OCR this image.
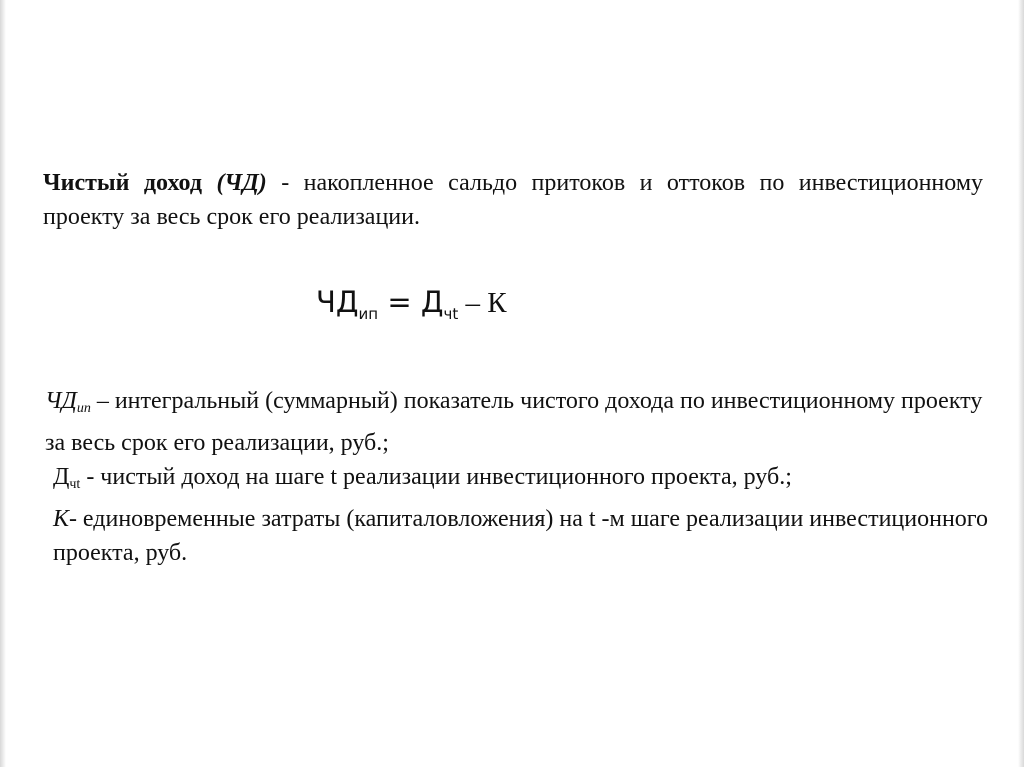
Чистый доход (ЧД) - накопленное сальдо притоков и оттоков по инвестиционному проекту за весь срок его реализации.
$ЧД_{ип} = Д_{чt} - К$

$ЧД_{ип}$ – интегральный (суммарный) показатель чистого дохода по инвестиционному проекту за весь срок его реализации, руб.;

$Д_{чt}$ - чистый доход на шаге t реализации инвестиционного проекта, руб.;

К- единовременные затраты (капиталовложения) на t -м шаге реализации инвестиционного проекта, руб.
